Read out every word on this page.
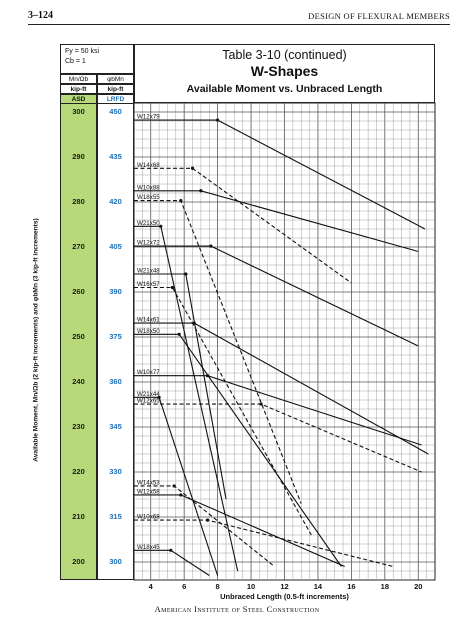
3–124	DESIGN OF FLEXURAL MEMBERS
Fy = 50 ksi
Cb = 1
Mn/Ωb	φbMn
kip-ft	kip-ft
ASD	LRFD
300	450
290	435
280	420
270	405
260	390
250	375
240	360
230	345
220	330
210	315
200	300
Available Moment, Mn/Ωb (2 kip-ft increments) and φbMn (3 kip-ft increments)
Table 3-10 (continued)
W-Shapes
Available Moment vs. Unbraced Length
W12x79
W14x68
W10x88
W18x55
W21x50
W12x72
W21x48
W16x57
W14x61
W18x50
W10x77
W21x44
W12x65
W14x53
W12x58
W10x68
W18x45
4	6	8	10	12	14	16	18	20
Unbraced Length (0.5-ft increments)
American Institute of Steel Construction
